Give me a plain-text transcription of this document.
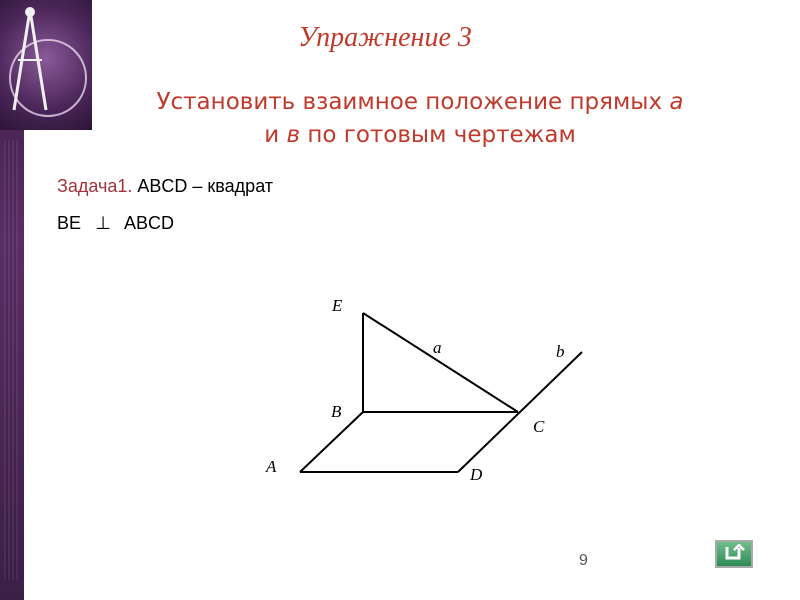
Упражнение 3
Установить взаимное положение прямых а
и в по готовым чертежам
Задача1. ABCD – квадрат
BE ⊥ ABCD
E
a	b
B
C
A	D
9
